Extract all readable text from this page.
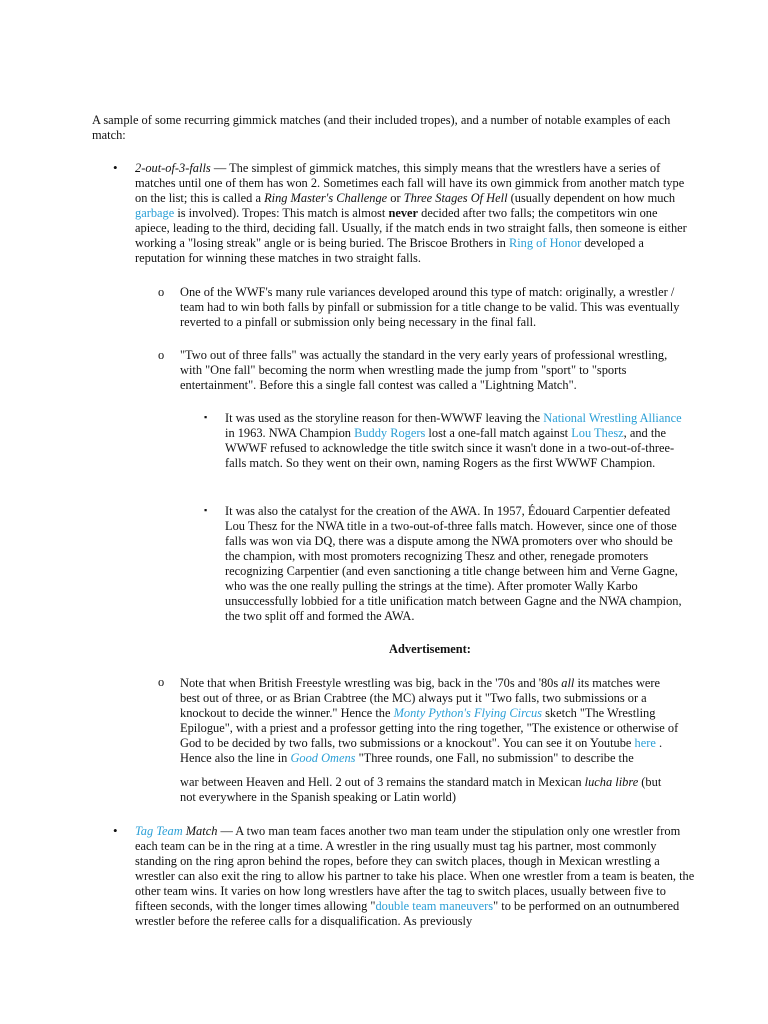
A sample of some recurring gimmick matches (and their included tropes), and a number of notable examples of each match:

• 2-out-of-3-falls — The simplest of gimmick matches, this simply means that the wrestlers have a series of matches until one of them has won 2. Sometimes each fall will have its own gimmick from another match type on the list; this is called a Ring Master's Challenge or Three Stages Of Hell (usually dependent on how much garbage is involved). Tropes: This match is almost never decided after two falls; the competitors win one apiece, leading to the third, deciding fall. Usually, if the match ends in two straight falls, then someone is either working a "losing streak" angle or is being buried. The Briscoe Brothers in Ring of Honor developed a reputation for winning these matches in two straight falls.

o One of the WWF's many rule variances developed around this type of match: originally, a wrestler / team had to win both falls by pinfall or submission for a title change to be valid. This was eventually reverted to a pinfall or submission only being necessary in the final fall.

o "Two out of three falls" was actually the standard in the very early years of professional wrestling, with "One fall" becoming the norm when wrestling made the jump from "sport" to "sports entertainment". Before this a single fall contest was called a "Lightning Match".

▪ It was used as the storyline reason for then-WWWF leaving the National Wrestling Alliance in 1963. NWA Champion Buddy Rogers lost a one-fall match against Lou Thesz, and the WWWF refused to acknowledge the title switch since it wasn't done in a two-out-of-three-falls match. So they went on their own, naming Rogers as the first WWWF Champion.

▪ It was also the catalyst for the creation of the AWA. In 1957, Édouard Carpentier defeated Lou Thesz for the NWA title in a two-out-of-three falls match. However, since one of those falls was won via DQ, there was a dispute among the NWA promoters over who should be the champion, with most promoters recognizing Thesz and other, renegade promoters recognizing Carpentier (and even sanctioning a title change between him and Verne Gagne, who was the one really pulling the strings at the time). After promoter Wally Karbo unsuccessfully lobbied for a title unification match between Gagne and the NWA champion, the two split off and formed the AWA.

Advertisement:

o Note that when British Freestyle wrestling was big, back in the '70s and '80s all its matches were best out of three, or as Brian Crabtree (the MC) always put it "Two falls, two submissions or a knockout to decide the winner." Hence the Monty Python's Flying Circus sketch "The Wrestling Epilogue", with a priest and a professor getting into the ring together, "The existence or otherwise of God to be decided by two falls, two submissions or a knockout". You can see it on Youtube here . Hence also the line in Good Omens "Three rounds, one Fall, no submission" to describe the

war between Heaven and Hell. 2 out of 3 remains the standard match in Mexican lucha libre (but not everywhere in the Spanish speaking or Latin world)

• Tag Team Match — A two man team faces another two man team under the stipulation only one wrestler from each team can be in the ring at a time. A wrestler in the ring usually must tag his partner, most commonly standing on the ring apron behind the ropes, before they can switch places, though in Mexican wrestling a wrestler can also exit the ring to allow his partner to take his place. When one wrestler from a team is beaten, the other team wins. It varies on how long wrestlers have after the tag to switch places, usually between five to fifteen seconds, with the longer times allowing "double team maneuvers" to be performed on an outnumbered wrestler before the referee calls for a disqualification. As previously
